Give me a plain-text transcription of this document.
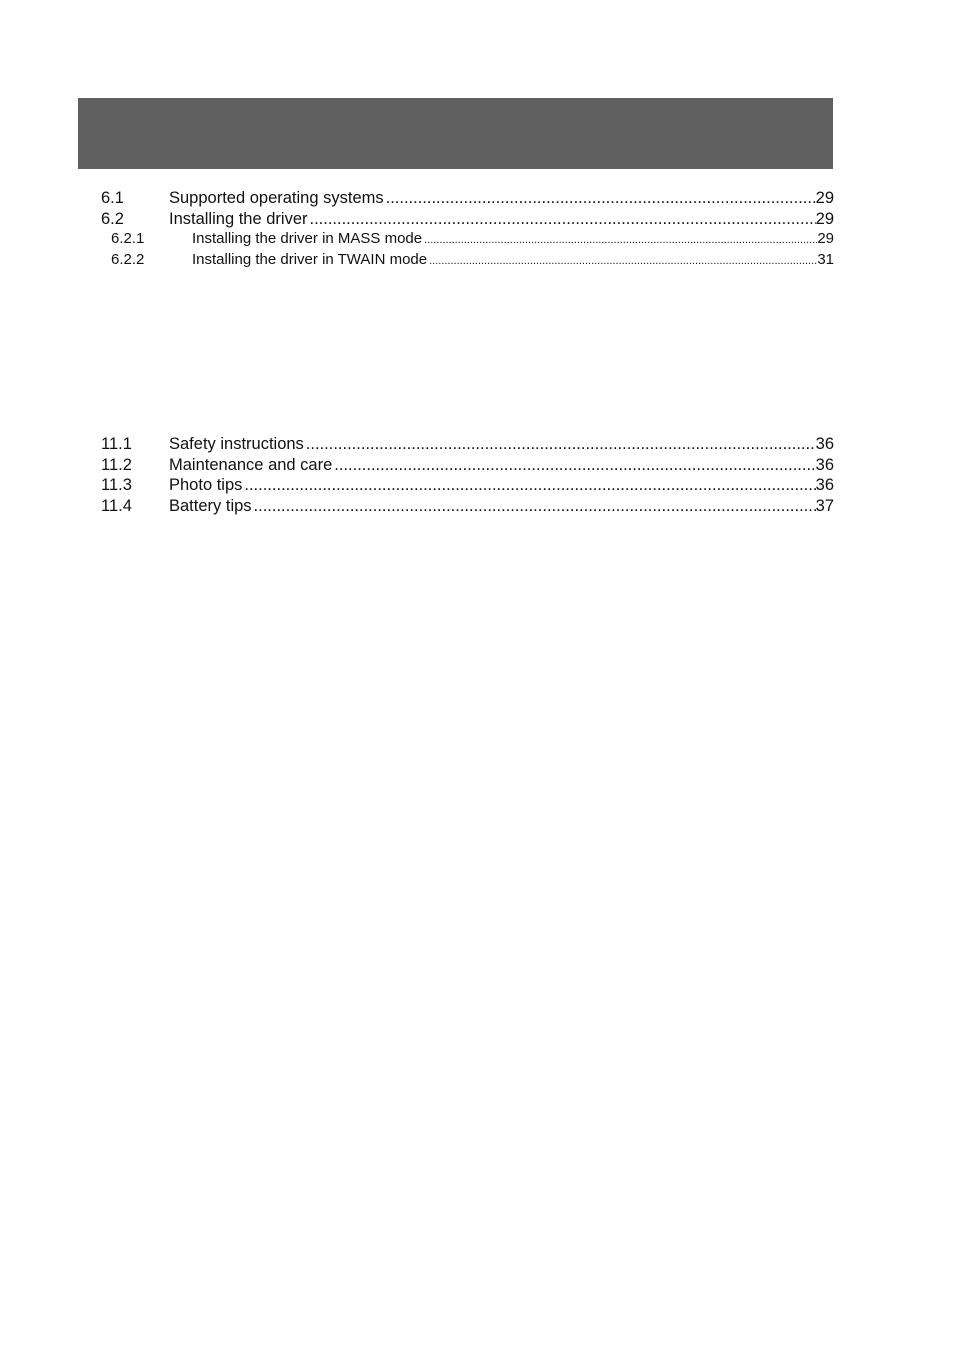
6.1	Supported operating systems .....	29
6.2	Installing the driver .....	29
6.2.1	Installing the driver in MASS mode .....	29
6.2.2	Installing the driver in TWAIN mode .....	31
11.1	Safety instructions .....	36
11.2	Maintenance and care .....	36
11.3	Photo tips .....	36
11.4	Battery tips .....	37
